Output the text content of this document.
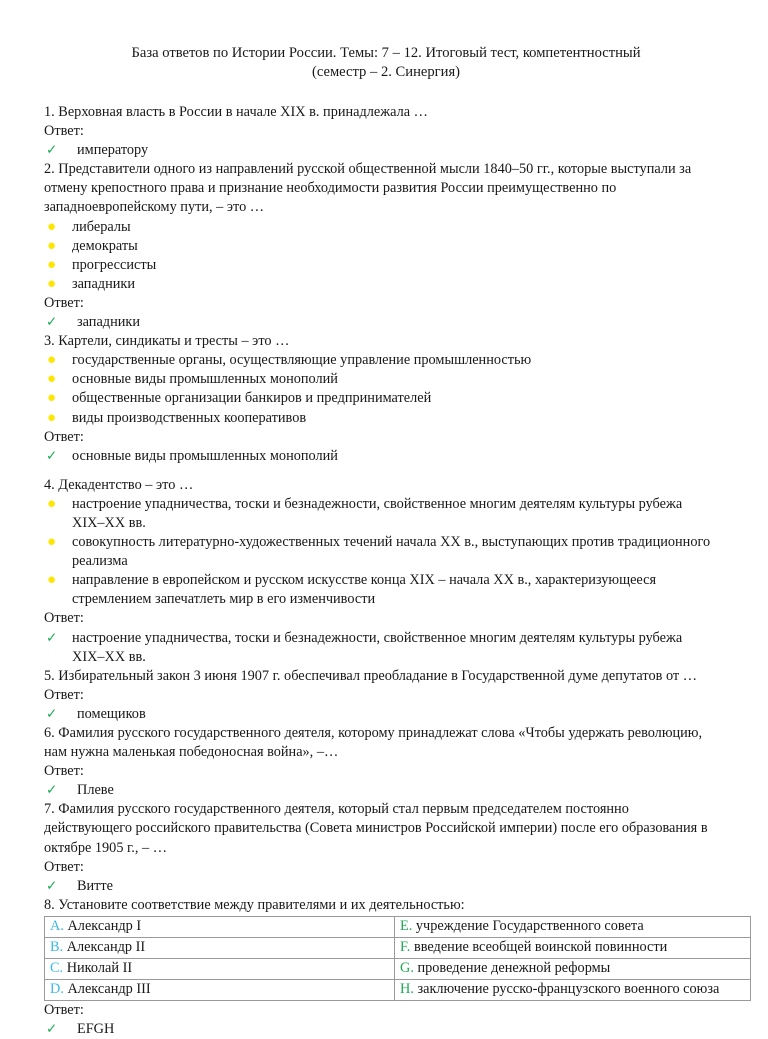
База ответов по Истории России. Темы: 7 – 12. Итоговый тест, компетентностный
(семестр – 2. Синергия)

1. Верховная власть в России в начале XIX в. принадлежала …

Ответ:

✓ императору

2. Представители одного из направлений русской общественной мысли 1840–50 гг., которые выступали за отмену крепостного права и признание необходимости развития России преимущественно по западноевропейскому пути, – это …

● либералы
● демократы
● прогрессисты
● западники

Ответ:

✓ западники

3. Картели, синдикаты и тресты – это …

● государственные органы, осуществляющие управление промышленностью
● основные виды промышленных монополий
● общественные организации банкиров и предпринимателей
● виды производственных кооперативов

Ответ:

✓ основные виды промышленных монополий

4. Декадентство – это …

● настроение упадничества, тоски и безнадежности, свойственное многим деятелям культуры рубежа XIX–XX вв.
● совокупность литературно-художественных течений начала XX в., выступающих против традиционного реализма
● направление в европейском и русском искусстве конца XIX – начала XX в., характеризующееся стремлением запечатлеть мир в его изменчивости

Ответ:

✓ настроение упадничества, тоски и безнадежности, свойственное многим деятелям культуры рубежа XIX–XX вв.

5. Избирательный закон 3 июня 1907 г. обеспечивал преобладание в Государственной думе депутатов от …

Ответ:

✓ помещиков

6. Фамилия русского государственного деятеля, которому принадлежат слова «Чтобы удержать революцию, нам нужна маленькая победоносная война», –…

Ответ:

✓ Плеве

7. Фамилия русского государственного деятеля, который стал первым председателем постоянно действующего российского правительства (Совета министров Российской империи) после его образования в октябре 1905 г., – …

Ответ:

✓ Витте

8. Установите соответствие между правителями и их деятельностью:

A. Александр I	E. учреждение Государственного совета
B. Александр II	F. введение всеобщей воинской повинности
C. Николай II	G. проведение денежной реформы
D. Александр III	H. заключение русско-французского военного союза

Ответ:

✓ EFGH
